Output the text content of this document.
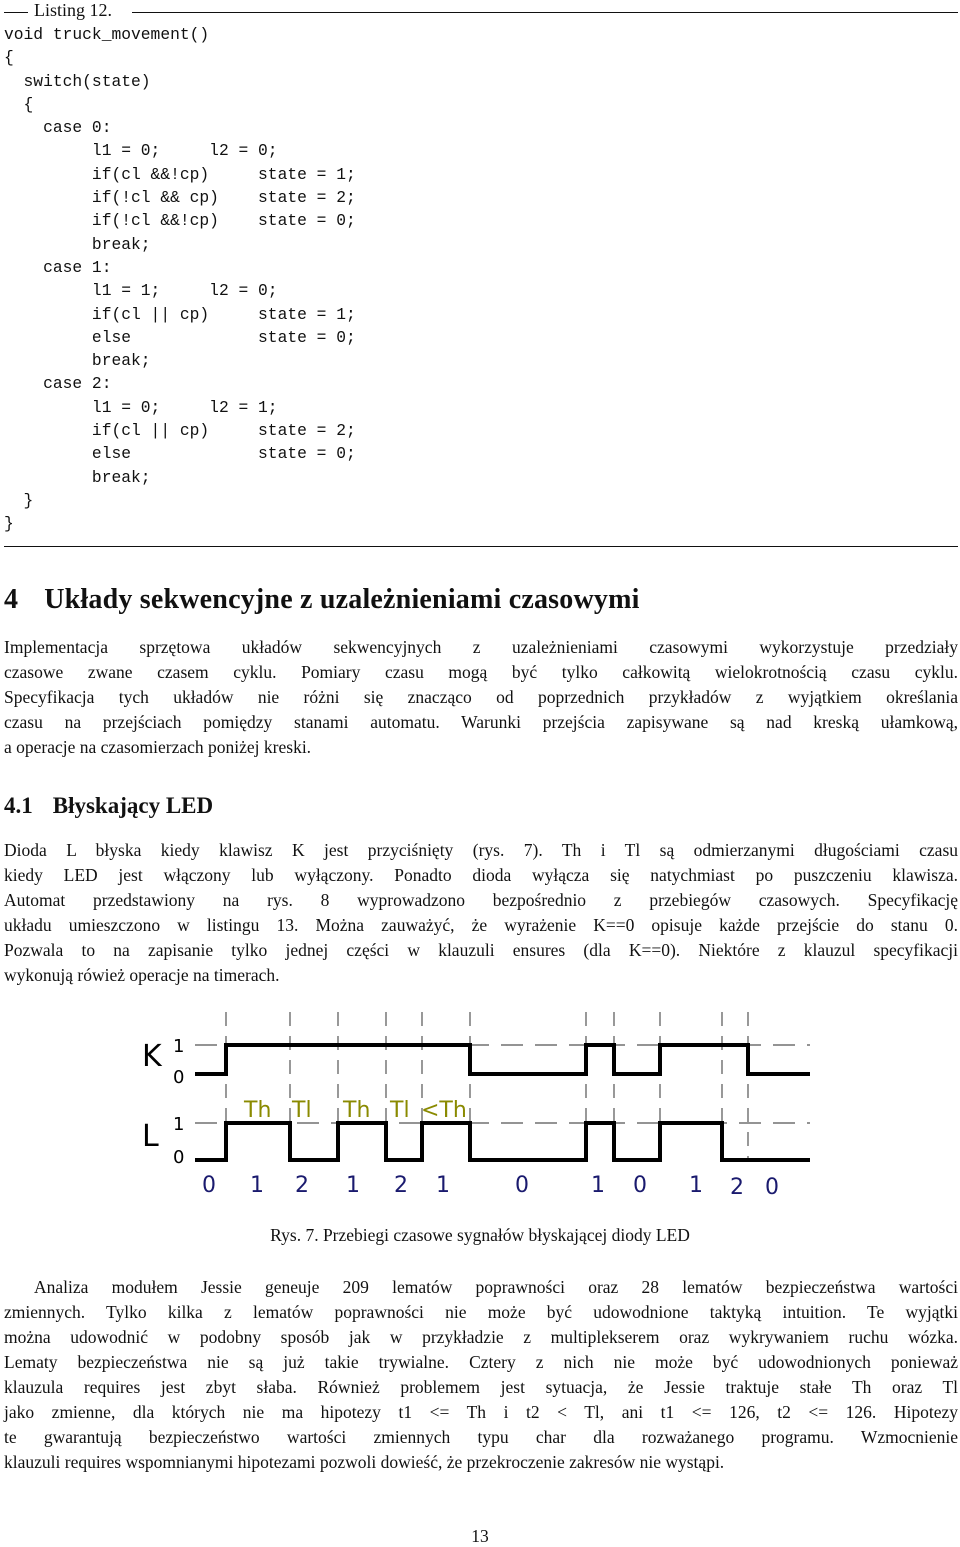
Listing 12.
void truck_movement()
{
switch(state)
{
case 0:
l1 = 0;     l2 = 0;
if(cl &&!cp)     state = 1;
if(!cl && cp)    state = 2;
if(!cl &&!cp)    state = 0;
break;
case 1:
l1 = 1;     l2 = 0;
if(cl || cp)     state = 1;
else             state = 0;
break;
case 2:
l1 = 0;     l2 = 1;
if(cl || cp)     state = 2;
else             state = 0;
break;
}
}
4 Układy sekwencyjne z uzależnieniami czasowymi
Implementacja sprzętowa układów sekwencyjnych z uzależnieniami czasowymi wykorzystuje przedziały
czasowe zwane czasem cyklu. Pomiary czasu mogą być tylko całkowitą wielokrotnością czasu cyklu.
Specyfikacja tych układów nie różni się znacząco od poprzednich przykładów z wyjątkiem określania
czasu na przejściach pomiędzy stanami automatu. Warunki przejścia zapisywane są nad kreską ułamkową,
a operacje na czasomierzach poniżej kreski.
4.1 Błyskający LED
Dioda L błyska kiedy klawisz K jest przyciśnięty (rys. 7). Th i Tl są odmierzanymi długościami czasu
kiedy LED jest włączony lub wyłączony. Ponadto dioda wyłącza się natychmiast po puszczeniu klawisza.
Automat przedstawiony na rys. 8 wyprowadzono bezpośrednio z przebiegów czasowych. Specyfikację
układu umieszczono w listingu 13. Można zauważyć, że wyrażenie K==0 opisuje każde przejście do stanu 0.
Pozwala to na zapisanie tylko jednej części w klauzuli ensures (dla K==0). Niektóre z klauzul specyfikacji
wykonują rówież operacje na timerach.
K
L
1
0
1
0
Th Tl Th Tl <Th
0 1 2 1 2 1	0	1 0 1 2 0
Rys. 7. Przebiegi czasowe sygnałów błyskającej diody LED
Analiza modułem Jessie geneuje 209 lematów poprawności oraz 28 lematów bezpieczeństwa wartości
zmiennych. Tylko kilka z lematów poprawności nie może być udowodnione taktyką intuition. Te wyjątki
można udowodnić w podobny sposób jak w przykładzie z multiplekserem oraz wykrywaniem ruchu wózka.
Lematy bezpieczeństwa nie są już takie trywialne. Cztery z nich nie może być udowodnionych ponieważ
klauzula requires jest zbyt słaba. Również problemem jest sytuacja, że Jessie traktuje stałe Th oraz Tl
jako zmienne, dla których nie ma hipotezy t1 <= Th i t2 < Tl, ani t1 <= 126, t2 <= 126. Hipotezy
te gwarantują bezpieczeństwo wartości zmiennych typu char dla rozważanego programu. Wzmocnienie
klauzuli requires wspomnianymi hipotezami pozwoli dowieść, że przekroczenie zakresów nie wystąpi.
13
